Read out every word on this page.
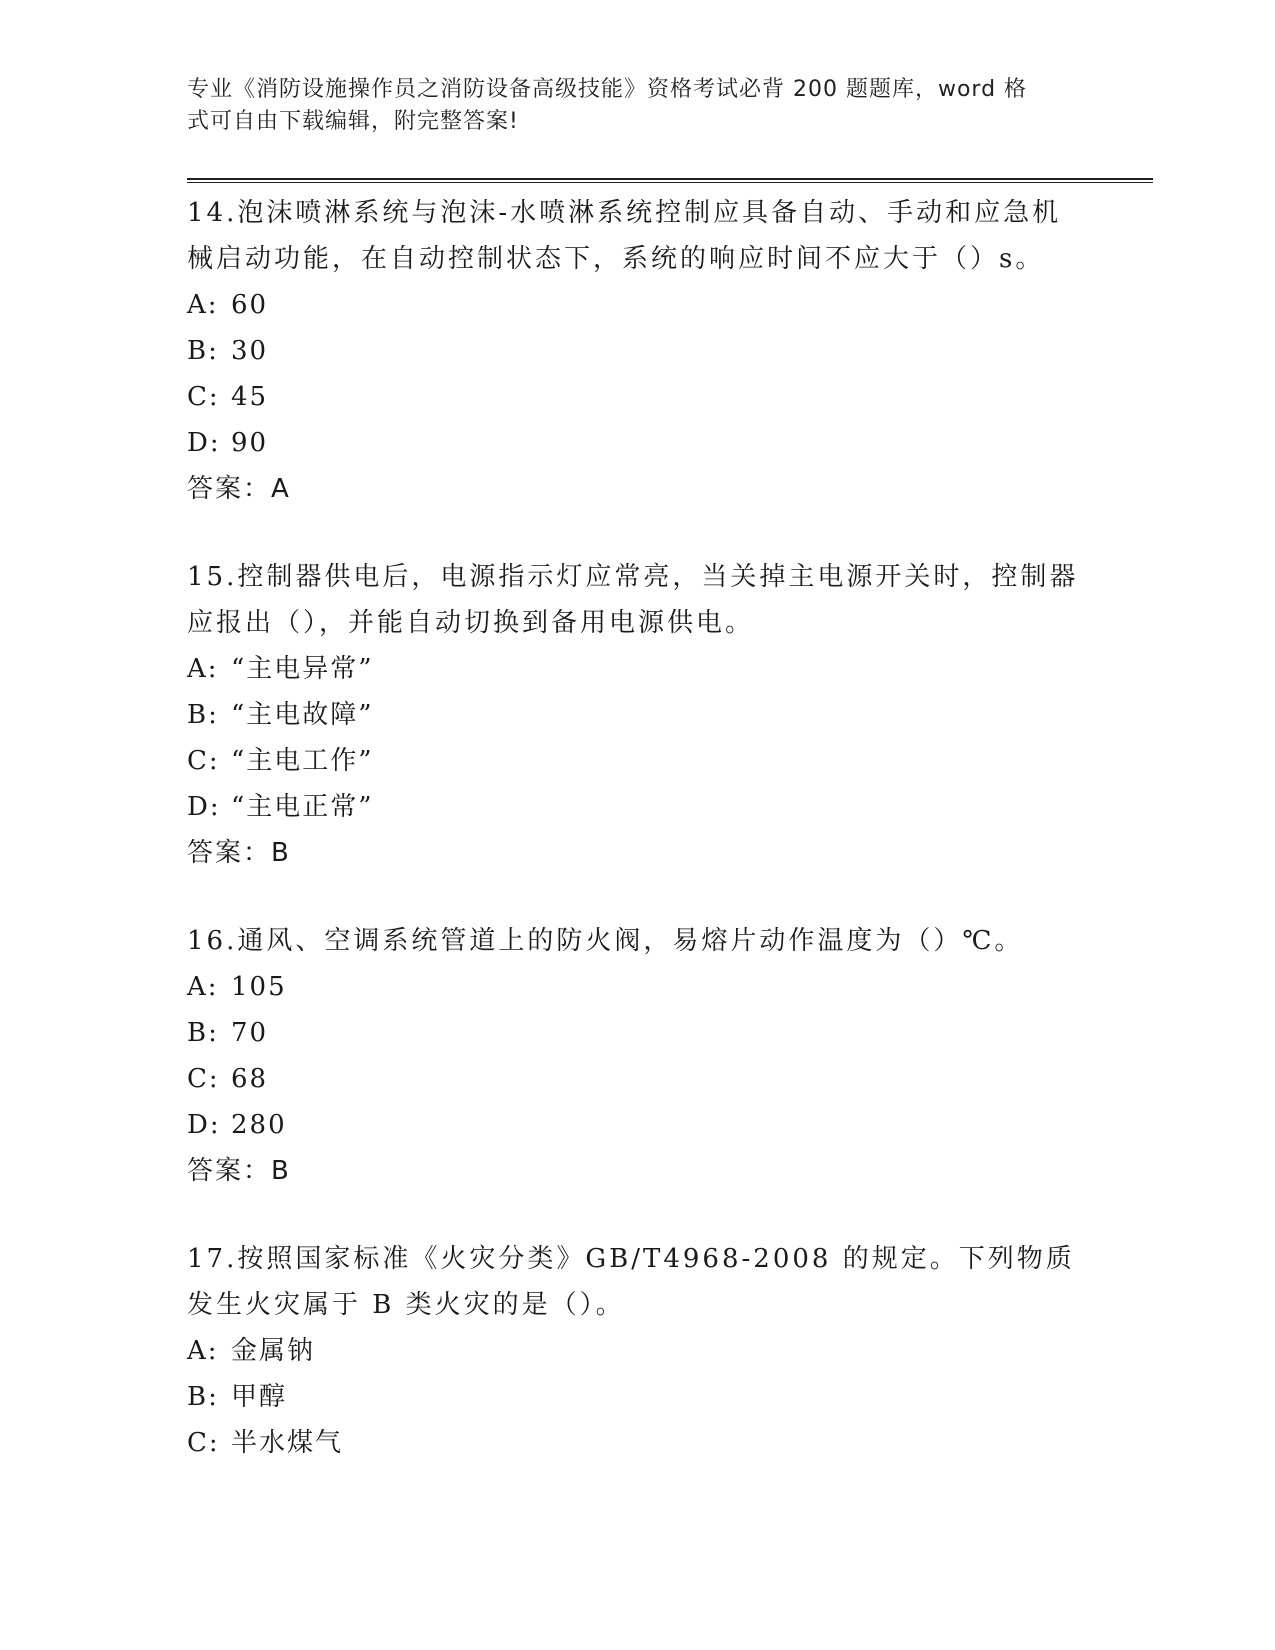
专业《消防设施操作员之消防设备高级技能》资格考试必背 200 题题库，word 格
式可自由下载编辑，附完整答案!

14.泡沫喷淋系统与泡沫-水喷淋系统控制应具备自动、手动和应急机械启动功能，在自动控制状态下，系统的响应时间不应大于（）s。

A: 60

B: 30

C: 45

D: 90

答案：A

15.控制器供电后，电源指示灯应常亮，当关掉主电源开关时，控制器应报出（），并能自动切换到备用电源供电。

A: “主电异常”

B: “主电故障”

C: “主电工作”

D: “主电正常”

答案：B

16.通风、空调系统管道上的防火阀，易熔片动作温度为（）℃。

A: 105

B: 70

C: 68

D: 280

答案：B

17.按照国家标准《火灾分类》GB/T4968-2008 的规定。下列物质发生火灾属于 B 类火灾的是（）。

A: 金属钠

B: 甲醇

C: 半水煤气
